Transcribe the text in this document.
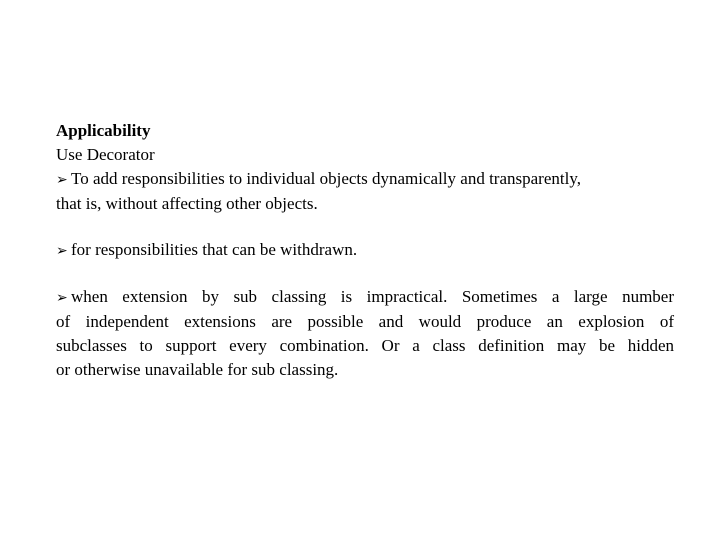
Applicability
Use Decorator
➢ To add responsibilities to individual objects dynamically and transparently,
that is, without affecting other objects.
➢ for responsibilities that can be withdrawn.
➢ when extension by sub classing is impractical. Sometimes a large number
of independent extensions are possible and would produce an explosion of
subclasses to support every combination. Or a class definition may be hidden
or otherwise unavailable for sub classing.
